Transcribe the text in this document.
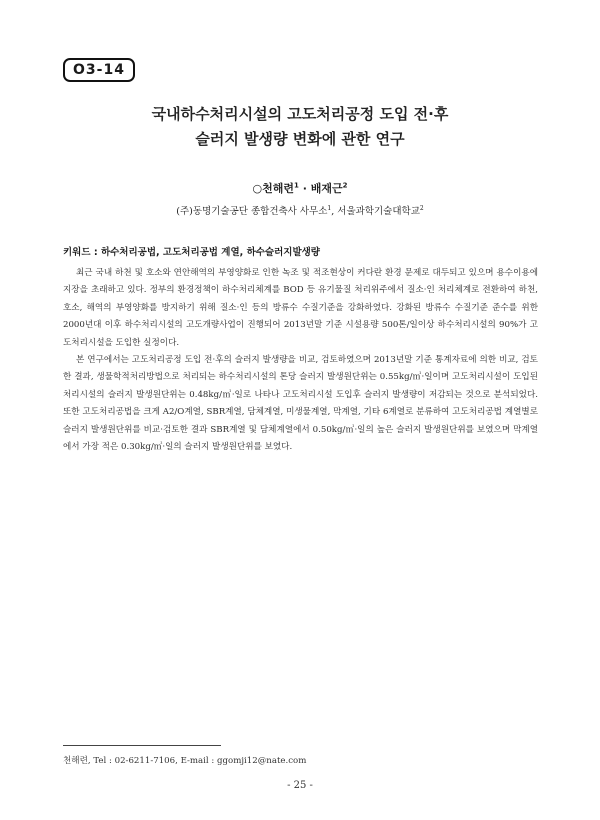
O3-14
국내하수처리시설의 고도처리공정 도입 전·후
슬러지 발생량 변화에 관한 연구
○천해련$^1$ · 배재근$^2$
(주)동명기술공단 종합건축사 사무소$^1$, 서울과학기술대학교$^2$
키워드 : 하수처리공법, 고도처리공법 계열, 하수슬러지발생량

최근 국내 하천 및 호소와 연안해역의 부영양화로 인한 녹조 및 적조현상이 커다란 환경 문제로 대두되고 있으며 용수이용에 지장을 초래하고 있다. 정부의 환경정책이 하수처리체계를 BOD 등 유기물질 처리위주에서 질소·인 처리체계로 전환하여 하천, 호소, 해역의 부영양화를 방지하기 위해 질소·인 등의 방류수 수질기준을 강화하였다. 강화된 방류수 수질기준 준수를 위한 2000년대 이후 하수처리시설의 고도개량사업이 진행되어 2013년말 기준 시설용량 500톤/일이상 하수처리시설의 90%가 고도처리시설을 도입한 실정이다.

본 연구에서는 고도처리공정 도입 전·후의 슬러지 발생량을 비교, 검토하였으며 2013년말 기준 통계자료에 의한 비교, 검토한 결과, 생물학적처리방법으로 처리되는 하수처리시설의 톤당 슬러지 발생원단위는 0.55kg/㎥·일이며 고도처리시설이 도입된 처리시설의 슬러지 발생원단위는 0.48kg/㎥·일로 나타나 고도처리시설 도입후 슬러지 발생량이 저감되는 것으로 분석되었다. 또한 고도처리공법을 크게 A2/O계열, SBR계열, 담체계열, 미생물계열, 막계열, 기타 6계열로 분류하여 고도처리공법 계열별로 슬러지 발생원단위를 비교·검토한 결과 SBR계열 및 담체계열에서 0.50kg/㎥·일의 높은 슬러지 발생원단위를 보였으며 막계열에서 가장 적은 0.30kg/㎥·일의 슬러지 발생원단위를 보였다.

천해련, Tel : 02-6211-7106, E-mail : ggomji12@nate.com
- 25 -
